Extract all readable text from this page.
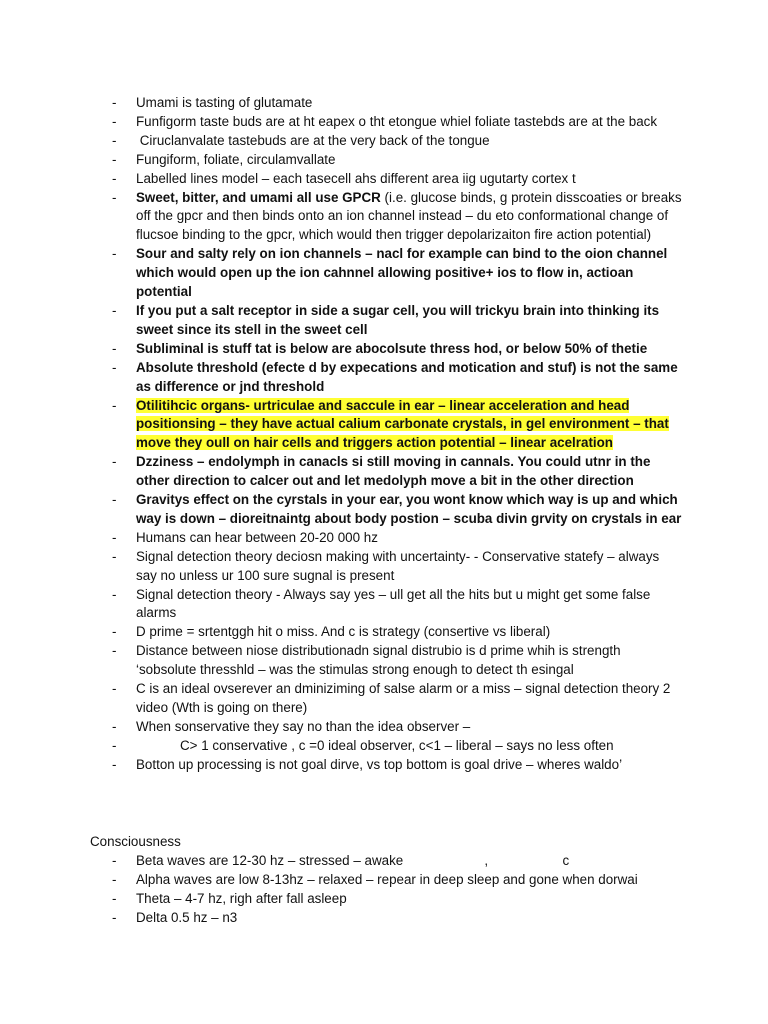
- Umami is tasting of glutamate
- Funfigorm taste buds are at ht eapex o tht etongue whiel foliate tastebds are at the back
- Ciruclanvalate tastebuds are at the very back of the tongue
- Fungiform, foliate, circulamvallate
- Labelled lines model – each tasecell ahs different area iig ugutarty cortex t
- Sweet, bitter, and umami all use GPCR (i.e. glucose binds, g protein disscoaties or breaks off the gpcr and then binds onto an ion channel instead – du eto conformational change of flucsoe binding to the gpcr, which would then trigger depolarizaiton fire action potential)
- Sour and salty rely on ion channels – nacl for example can bind to the oion channel which would open up the ion cahnnel allowing positive+ ios to flow in, actioan potential
- If you put a salt receptor in side a sugar cell, you will trickyu brain into thinking its sweet since its stell in the sweet cell
- Subliminal is stuff tat is below are abocolsute thress hod, or below 50% of thetie
- Absolute threshold (efecte d by expecations and motication and stuf) is not the same as difference or jnd threshold
- Otilitihcic organs- urtriculae and saccule in ear – linear acceleration and head positionsing – they have actual calium carbonate crystals, in gel environment – that move they oull on hair cells and triggers action potential – linear acelration
- Dzziness – endolymph in canacls si still moving in cannals. You could utnr in the other direction to calcer out and let medolyph move a bit in the other direction
- Gravitys effect on the cyrstals in your ear, you wont know which way is up and which way is down – dioreitnaintg about body postion – scuba divin grvity on crystals in ear
- Humans can hear between 20-20 000 hz
- Signal detection theory deciosn making with uncertainty- - Conservative statefy – always say no unless ur 100 sure sugnal is present
- Signal detection theory - Always say yes – ull get all the hits but u might get some false alarms
- D prime = srtentggh hit o miss. And c is strategy (consertive vs liberal)
- Distance between niose distributionadn signal distrubio is d prime whih is strength ‘sobsolute thresshld – was the stimulas strong enough to detect th esingal
- C is an ideal ovserever an dminiziming of salse alarm or a miss – signal detection theory 2 video (Wth is going on there)
- When sonservative they say no than the idea observer –
-	C> 1 conservative , c =0 ideal observer, c<1 – liberal – says no less often
- Botton up processing is not goal dirve, vs top bottom is goal drive – wheres waldo’
Consciousness
- Beta waves are 12-30 hz – stressed – awake                     ,                    c
- Alpha waves are low 8-13hz – relaxed – repear in deep sleep and gone when dorwai
- Theta – 4-7 hz, righ after fall asleep
- Delta 0.5 hz – n3
